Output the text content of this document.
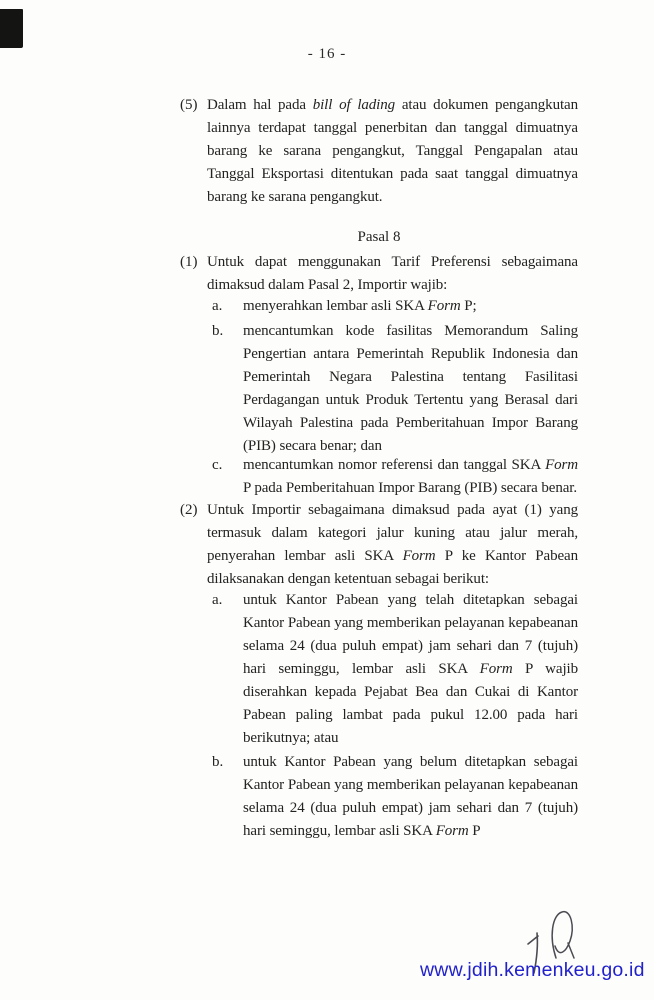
- 16 -
(5) Dalam hal pada bill of lading atau dokumen pengangkutan lainnya terdapat tanggal penerbitan dan tanggal dimuatnya barang ke sarana pengangkut, Tanggal Pengapalan atau Tanggal Eksportasi ditentukan pada saat tanggal dimuatnya barang ke sarana pengangkut.
Pasal 8
(1) Untuk dapat menggunakan Tarif Preferensi sebagaimana dimaksud dalam Pasal 2, Importir wajib:
a.	menyerahkan lembar asli SKA Form P;
b.	mencantumkan kode fasilitas Memorandum Saling Pengertian antara Pemerintah Republik Indonesia dan Pemerintah Negara Palestina tentang Fasilitasi Perdagangan untuk Produk Tertentu yang Berasal dari Wilayah Palestina pada Pemberitahuan Impor Barang (PIB) secara benar; dan
c.	mencantumkan nomor referensi dan tanggal SKA Form P pada Pemberitahuan Impor Barang (PIB) secara benar.
(2) Untuk Importir sebagaimana dimaksud pada ayat (1) yang termasuk dalam kategori jalur kuning atau jalur merah, penyerahan lembar asli SKA Form P ke Kantor Pabean dilaksanakan dengan ketentuan sebagai berikut:
a.	untuk Kantor Pabean yang telah ditetapkan sebagai Kantor Pabean yang memberikan pelayanan kepabeanan selama 24 (dua puluh empat) jam sehari dan 7 (tujuh) hari seminggu, lembar asli SKA Form P wajib diserahkan kepada Pejabat Bea dan Cukai di Kantor Pabean paling lambat pada pukul 12.00 pada hari berikutnya; atau
b.	untuk Kantor Pabean yang belum ditetapkan sebagai Kantor Pabean yang memberikan pelayanan kepabeanan selama 24 (dua puluh empat) jam sehari dan 7 (tujuh) hari seminggu, lembar asli SKA Form P
www.jdih.kemenkeu.go.id
